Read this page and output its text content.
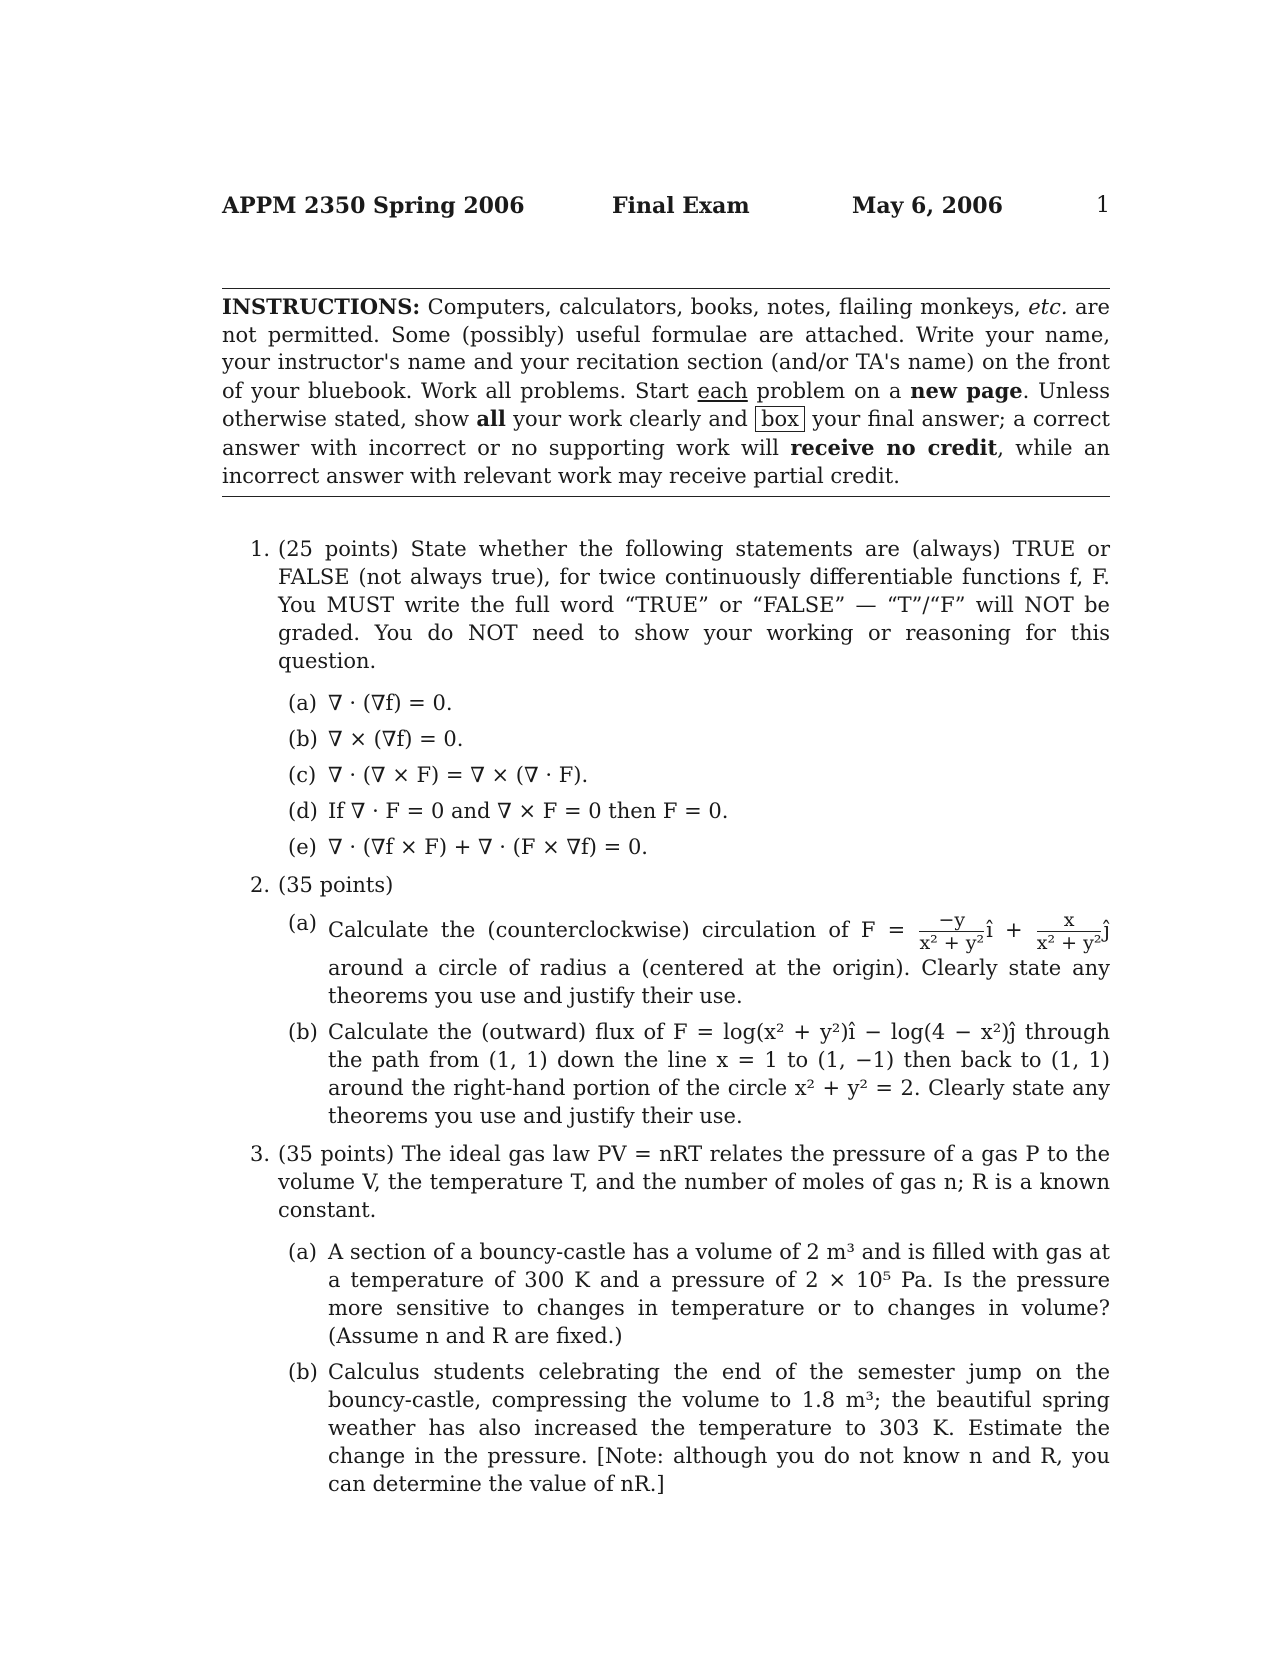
APPM 2350 Spring 2006	Final Exam	May 6, 2006	1
INSTRUCTIONS: Computers, calculators, books, notes, flailing monkeys, etc. are not permitted. Some (possibly) useful formulae are attached. Write your name, your instructor's name and your recitation section (and/or TA's name) on the front of your bluebook. Work all problems. Start each problem on a new page. Unless otherwise stated, show all your work clearly and box your final answer; a correct answer with incorrect or no supporting work will receive no credit, while an incorrect answer with relevant work may receive partial credit.
1. (25 points) State whether the following statements are (always) TRUE or FALSE (not always true), for twice continuously differentiable functions f, F. You MUST write the full word “TRUE” or “FALSE” — “T”/“F” will NOT be graded. You do NOT need to show your working or reasoning for this question.
(a) ∇ · (∇f) = 0.
(b) ∇ × (∇f) = 0.
(c) ∇ · (∇ × F) = ∇ × (∇ · F).
(d) If ∇ · F = 0 and ∇ × F = 0 then F = 0.
(e) ∇ · (∇f × F) + ∇ · (F × ∇f) = 0.
2. (35 points)
(a) Calculate the (counterclockwise) circulation of $F = \frac{-y}{\text{x² + y²}}$ î + $\frac{x}{\text{x² + y²}}$ ĵ around a circle of radius a (centered at the origin). Clearly state any theorems you use and justify their use.
(b) Calculate the (outward) flux of F = log(x² + y²)î − log(4 − x²)ĵ through the path from (1, 1) down the line x = 1 to (1, −1) then back to (1, 1) around the right-hand portion of the circle x² + y² = 2. Clearly state any theorems you use and justify their use.
3. (35 points) The ideal gas law PV = nRT relates the pressure of a gas P to the volume V, the temperature T, and the number of moles of gas n; R is a known constant.
(a) A section of a bouncy-castle has a volume of 2 m³ and is filled with gas at a temperature of 300 K and a pressure of 2 × 10⁵ Pa. Is the pressure more sensitive to changes in temperature or to changes in volume? (Assume n and R are fixed.)
(b) Calculus students celebrating the end of the semester jump on the bouncy-castle, compressing the volume to 1.8 m³; the beautiful spring weather has also increased the temperature to 303 K. Estimate the change in the pressure. [Note: although you do not know n and R, you can determine the value of nR.]
